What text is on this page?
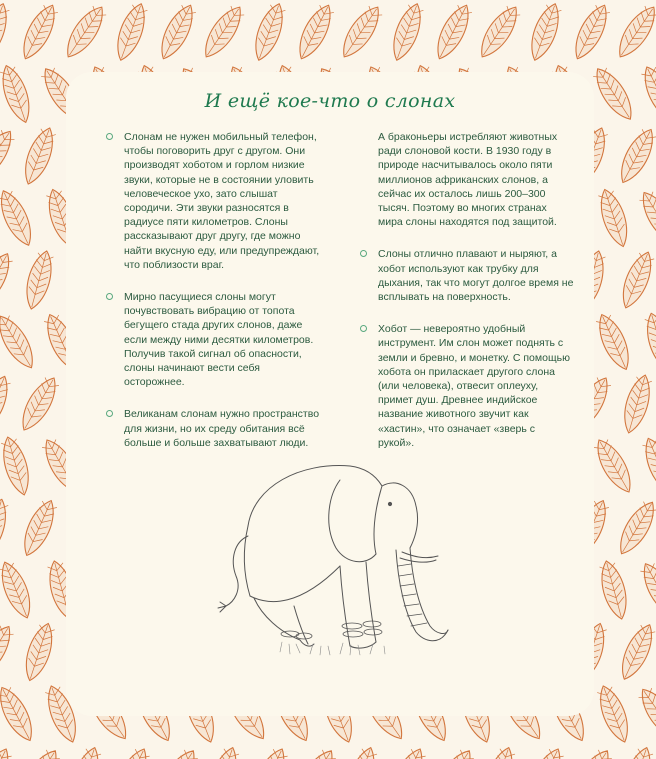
И ещё кое-что о слонах

Слонам не нужен мобильный телефон, чтобы поговорить друг с другом. Они производят хоботом и горлом низкие звуки, которые не в состоянии уловить человеческое ухо, зато слышат сородичи. Эти звуки разносятся в радиусе пяти километров. Слоны рассказывают друг другу, где можно найти вкусную еду, или предупреждают, что поблизости враг.

Мирно пасущиеся слоны могут почувствовать вибрацию от топота бегущего стада других слонов, даже если между ними десятки километров. Получив такой сигнал об опасности, слоны начинают вести себя осторожнее.

Великанам слонам нужно пространство для жизни, но их среду обитания всё больше и больше захватывают люди.

А браконьеры истребляют животных ради слоновой кости. В 1930 году в природе насчитывалось около пяти миллионов африканских слонов, а сейчас их осталось лишь 200–300 тысяч. Поэтому во многих странах мира слоны находятся под защитой.

Слоны отлично плавают и ныряют, а хобот используют как трубку для дыхания, так что могут долгое время не всплывать на поверхность.

Хобот — невероятно удобный инструмент. Им слон может поднять с земли и бревно, и монетку. С помощью хобота он приласкает другого слона (или человека), отвесит оплеуху, примет душ. Древнее индийское название животного звучит как «хастин», что означает «зверь с рукой».
